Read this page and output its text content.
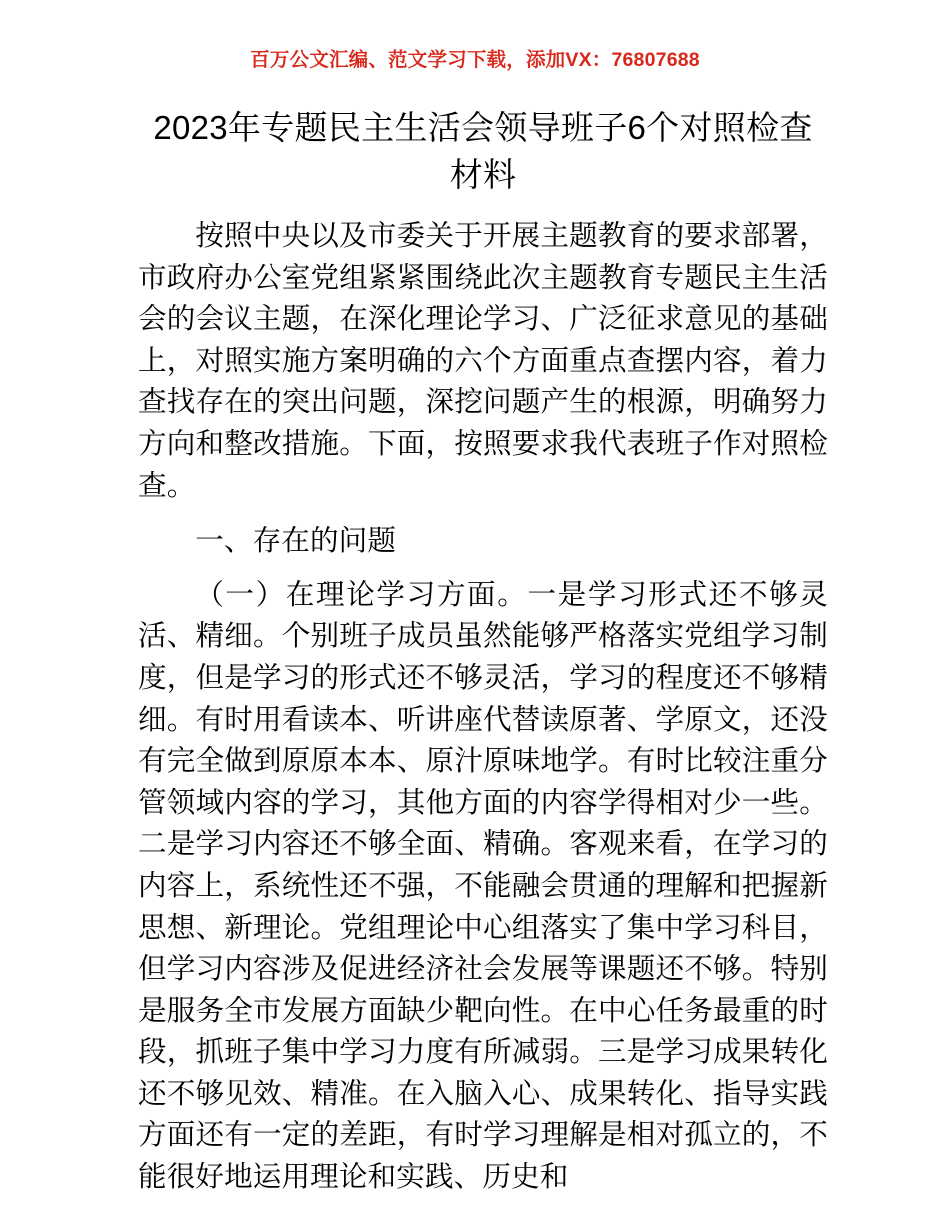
百万公文汇编、范文学习下载，添加VX：76807688
2023年专题民主生活会领导班子6个对照检查材料

按照中央以及市委关于开展主题教育的要求部署，市政府办公室党组紧紧围绕此次主题教育专题民主生活会的会议主题，在深化理论学习、广泛征求意见的基础上，对照实施方案明确的六个方面重点查摆内容，着力查找存在的突出问题，深挖问题产生的根源，明确努力方向和整改措施。下面，按照要求我代表班子作对照检查。

一、存在的问题

（一）在理论学习方面。一是学习形式还不够灵活、精细。个别班子成员虽然能够严格落实党组学习制度，但是学习的形式还不够灵活，学习的程度还不够精细。有时用看读本、听讲座代替读原著、学原文，还没有完全做到原原本本、原汁原味地学。有时比较注重分管领域内容的学习，其他方面的内容学得相对少一些。二是学习内容还不够全面、精确。客观来看，在学习的内容上，系统性还不强，不能融会贯通的理解和把握新思想、新理论。党组理论中心组落实了集中学习科目，但学习内容涉及促进经济社会发展等课题还不够。特别是服务全市发展方面缺少靶向性。在中心任务最重的时段，抓班子集中学习力度有所减弱。三是学习成果转化还不够见效、精准。在入脑入心、成果转化、指导实践方面还有一定的差距，有时学习理解是相对孤立的，不能很好地运用理论和实践、历史和
